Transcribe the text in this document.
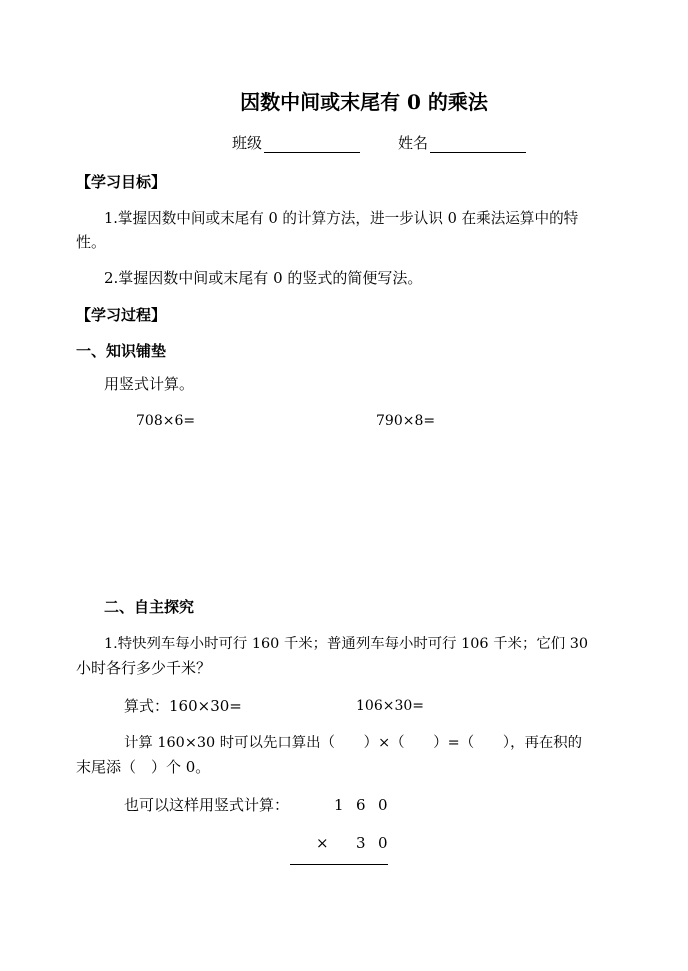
因数中间或末尾有 0 的乘法
班级	姓名
【学习目标】
1.掌握因数中间或末尾有 0 的计算方法，进一步认识 0 在乘法运算中的特
性。
2.掌握因数中间或末尾有 0 的竖式的简便写法。
【学习过程】
一、知识铺垫
用竖式计算。
708×6=	790×8=
二、自主探究
1.特快列车每小时可行 160 千米；普通列车每小时可行 106 千米；它们 30
小时各行多少千米？
算式：160×30=	106×30=
计算 160×30 时可以先口算出（　　）×（　　）=（　　），再在积的
末尾添（　）个 0。
也可以这样用竖式计算：	1 6 0
× 3 0
